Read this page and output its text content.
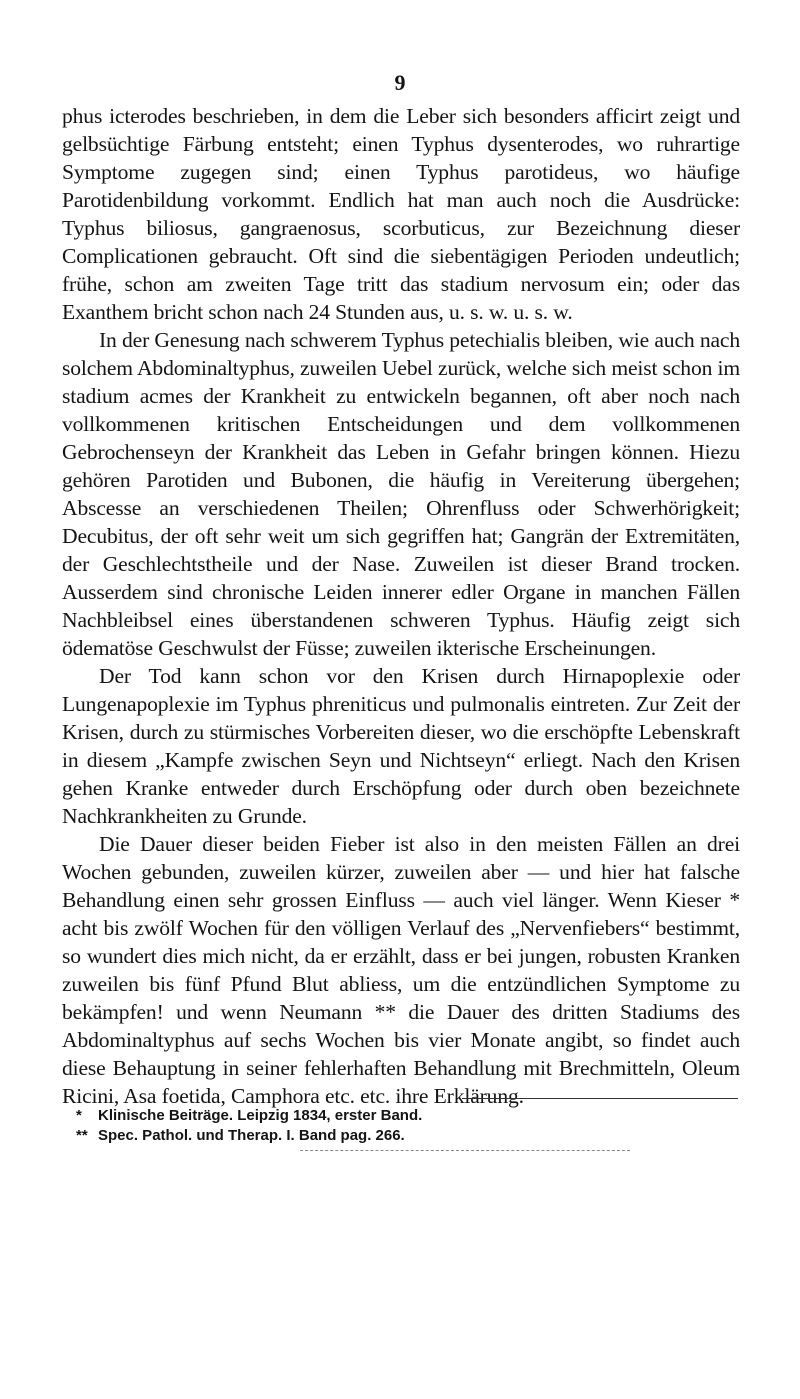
9

phus icterodes beschrieben, in dem die Leber sich besonders afficirt zeigt und gelbsüchtige Färbung entsteht; einen Typhus dysenterodes, wo ruhrartige Symptome zugegen sind; einen Typhus parotideus, wo häufige Parotidenbildung vorkommt. Endlich hat man auch noch die Ausdrücke: Typhus biliosus, gangraenosus, scorbuticus, zur Bezeichnung dieser Complicationen gebraucht. Oft sind die siebentägigen Perioden undeutlich; frühe, schon am zweiten Tage tritt das stadium nervosum ein; oder das Exanthem bricht schon nach 24 Stunden aus, u. s. w. u. s. w.

In der Genesung nach schwerem Typhus petechialis bleiben, wie auch nach solchem Abdominaltyphus, zuweilen Uebel zurück, welche sich meist schon im stadium acmes der Krankheit zu entwickeln begannen, oft aber noch nach vollkommenen kritischen Entscheidungen und dem vollkommenen Gebrochenseyn der Krankheit das Leben in Gefahr bringen können. Hiezu gehören Parotiden und Bubonen, die häufig in Vereiterung übergehen; Abscesse an verschiedenen Theilen; Ohrenfluss oder Schwerhörigkeit; Decubitus, der oft sehr weit um sich gegriffen hat; Gangrän der Extremitäten, der Geschlechtstheile und der Nase. Zuweilen ist dieser Brand trocken. Ausserdem sind chronische Leiden innerer edler Organe in manchen Fällen Nachbleibsel eines überstandenen schweren Typhus. Häufig zeigt sich ödematöse Geschwulst der Füsse; zuweilen ikterische Erscheinungen.

Der Tod kann schon vor den Krisen durch Hirnapoplexie oder Lungenapoplexie im Typhus phreniticus und pulmonalis eintreten. Zur Zeit der Krisen, durch zu stürmisches Vorbereiten dieser, wo die erschöpfte Lebenskraft in diesem „Kampfe zwischen Seyn und Nichtseyn“ erliegt. Nach den Krisen gehen Kranke entweder durch Erschöpfung oder durch oben bezeichnete Nachkrankheiten zu Grunde.

Die Dauer dieser beiden Fieber ist also in den meisten Fällen an drei Wochen gebunden, zuweilen kürzer, zuweilen aber — und hier hat falsche Behandlung einen sehr grossen Einfluss — auch viel länger. Wenn Kieser * acht bis zwölf Wochen für den völligen Verlauf des „Nervenfiebers“ bestimmt, so wundert dies mich nicht, da er erzählt, dass er bei jungen, robusten Kranken zuweilen bis fünf Pfund Blut abliess, um die entzündlichen Symptome zu bekämpfen! und wenn Neumann ** die Dauer des dritten Stadiums des Abdominaltyphus auf sechs Wochen bis vier Monate angibt, so findet auch diese Behauptung in seiner fehlerhaften Behandlung mit Brechmitteln, Oleum Ricini, Asa foetida, Camphora etc. etc. ihre Erklärung.

* Klinische Beiträge. Leipzig 1834, erster Band.

** Spec. Pathol. und Therap. I. Band pag. 266.
